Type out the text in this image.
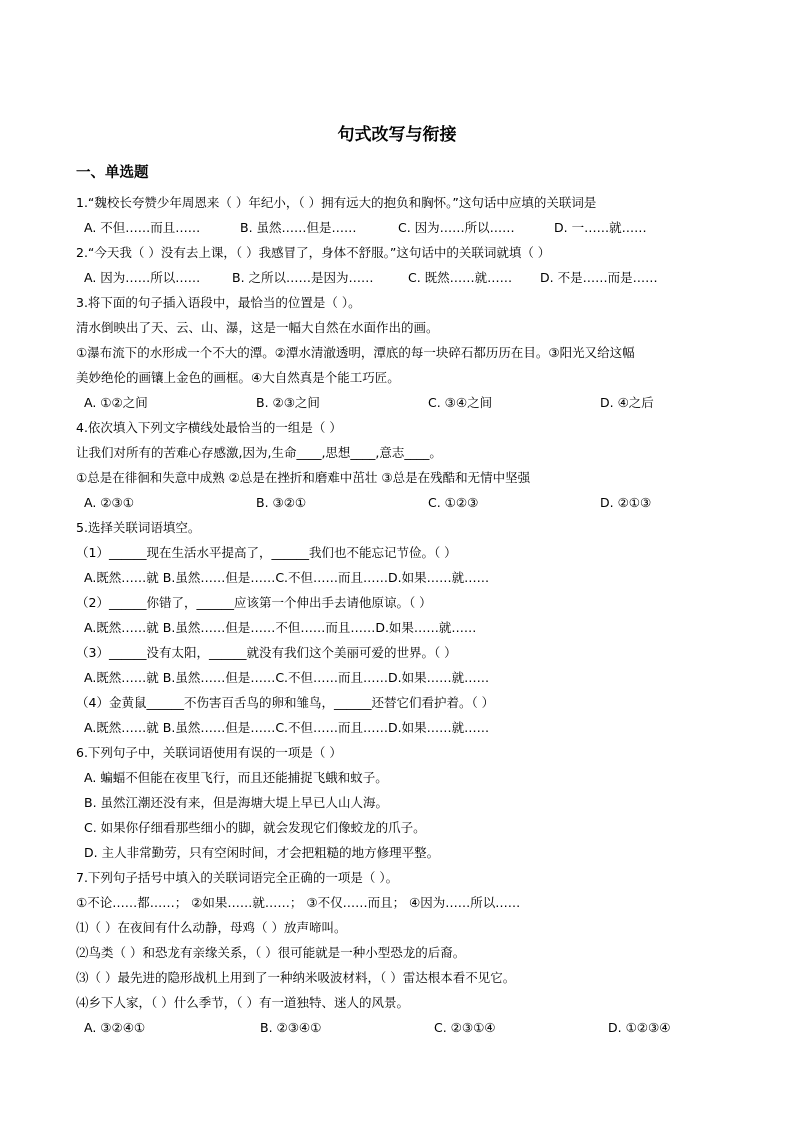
句式改写与衔接
一、单选题
1.“魏校长夸赞少年周恩来（ ）年纪小，（ ）拥有远大的抱负和胸怀。”这句话中应填的关联词是
A. 不但……而且……	B. 虽然……但是……	C. 因为……所以……	D. 一……就……
2.“今天我（ ）没有去上课，（ ）我感冒了，身体不舒服。”这句话中的关联词就填（ ）
A. 因为……所以……	B. 之所以……是因为……	C. 既然……就…… D. 不是……而是……
3.将下面的句子插入语段中，最恰当的位置是（ ）。
清水倒映出了天、云、山、瀑，这是一幅大自然在水面作出的画。
①瀑布流下的水形成一个不大的潭。②潭水清澈透明，潭底的每一块碎石都历历在目。③阳光又给这幅
美妙绝伦的画镶上金色的画框。④大自然真是个能工巧匠。
A. ①②之间	B. ②③之间	C. ③④之间	D. ④之后
4.依次填入下列文字横线处最恰当的一组是（ ）
让我们对所有的苦难心存感激,因为,生命____,思想____,意志____。
①总是在徘徊和失意中成熟 ②总是在挫折和磨难中茁壮 ③总是在残酷和无情中坚强
A. ②③①	B. ③②①	C. ①②③	D. ②①③
5.选择关联词语填空。
（1）______现在生活水平提高了，______我们也不能忘记节俭。（ ）
A.既然……就 B.虽然……但是……C.不但……而且……D.如果……就……
（2）______你错了，______应该第一个伸出手去请他原谅。（ ）
A.既然……就 B.虽然……但是……不但……而且……D.如果……就……
（3）______没有太阳，______就没有我们这个美丽可爱的世界。（ ）
A.既然……就 B.虽然……但是……C.不但……而且……D.如果……就……
（4）金黄鼠______不伤害百舌鸟的卵和雏鸟，______还替它们看护着。（ ）
A.既然……就 B.虽然……但是……C.不但……而且……D.如果……就……
6.下列句子中，关联词语使用有误的一项是（ ）
A. 蝙蝠不但能在夜里飞行，而且还能捕捉飞蛾和蚊子。
B. 虽然江潮还没有来，但是海塘大堤上早已人山人海。
C. 如果你仔细看那些细小的脚，就会发现它们像蛟龙的爪子。
D. 主人非常勤劳，只有空闲时间，才会把粗糙的地方修理平整。
7.下列句子括号中填入的关联词语完全正确的一项是（ ）。
①不论……都……； ②如果……就……； ③不仅……而且； ④因为……所以……
⑴（ ）在夜间有什么动静，母鸡（ ）放声啼叫。
⑵鸟类（ ）和恐龙有亲缘关系，（ ）很可能就是一种小型恐龙的后裔。
⑶（ ）最先进的隐形战机上用到了一种纳米吸波材料，（ ）雷达根本看不见它。
⑷乡下人家，（ ）什么季节，（ ）有一道独特、迷人的风景。
A. ③②④①	B. ②③④①	C. ②③①④	D. ①②③④
